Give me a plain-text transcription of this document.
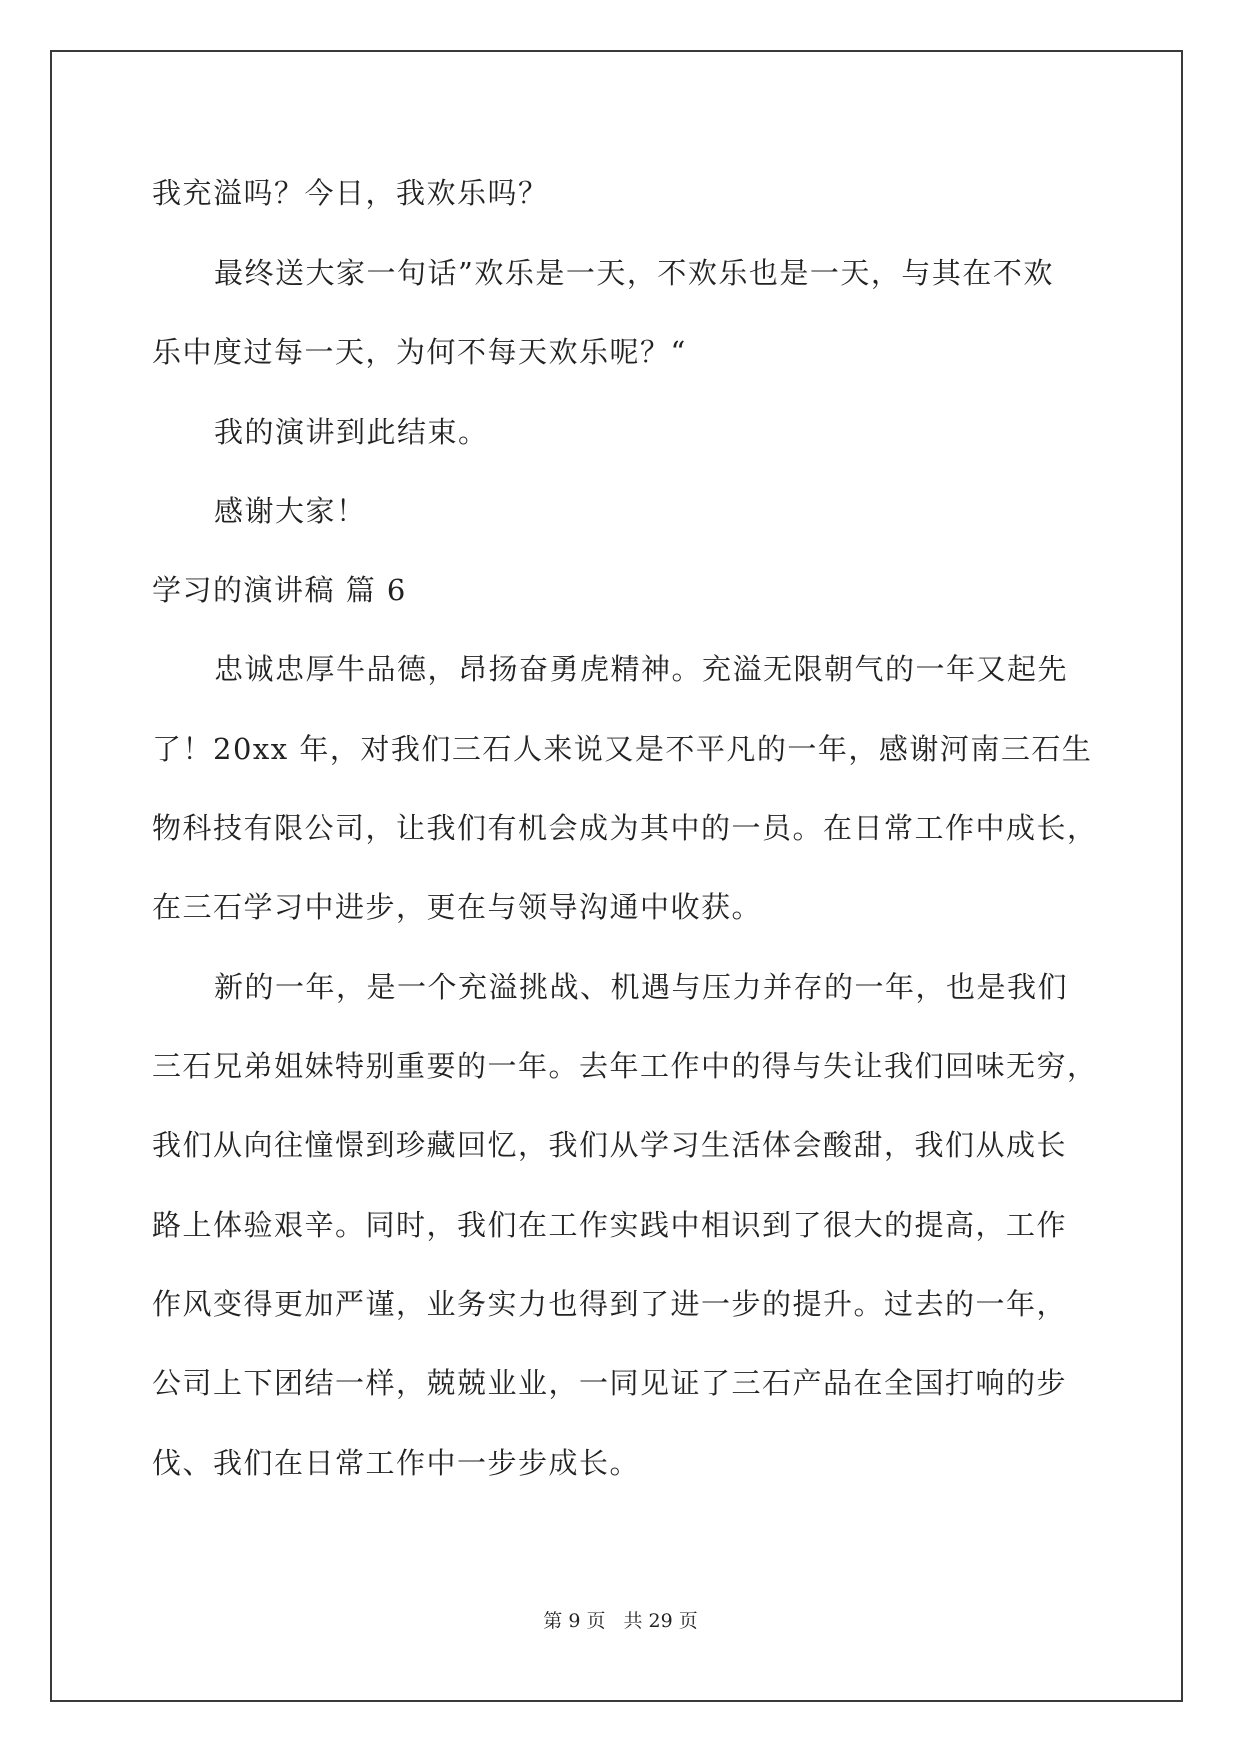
我充溢吗？今日，我欢乐吗？
最终送大家一句话”欢乐是一天，不欢乐也是一天，与其在不欢
乐中度过每一天，为何不每天欢乐呢？“
我的演讲到此结束。
感谢大家！
学习的演讲稿 篇 6
忠诚忠厚牛品德，昂扬奋勇虎精神。充溢无限朝气的一年又起先
了！20xx 年，对我们三石人来说又是不平凡的一年，感谢河南三石生
物科技有限公司，让我们有机会成为其中的一员。在日常工作中成长，
在三石学习中进步，更在与领导沟通中收获。
新的一年，是一个充溢挑战、机遇与压力并存的一年，也是我们
三石兄弟姐妹特别重要的一年。去年工作中的得与失让我们回味无穷，
我们从向往憧憬到珍藏回忆，我们从学习生活体会酸甜，我们从成长
路上体验艰辛。同时，我们在工作实践中相识到了很大的提高，工作
作风变得更加严谨，业务实力也得到了进一步的提升。过去的一年，
公司上下团结一样，兢兢业业，一同见证了三石产品在全国打响的步
伐、我们在日常工作中一步步成长。
第 9 页 共 29 页
